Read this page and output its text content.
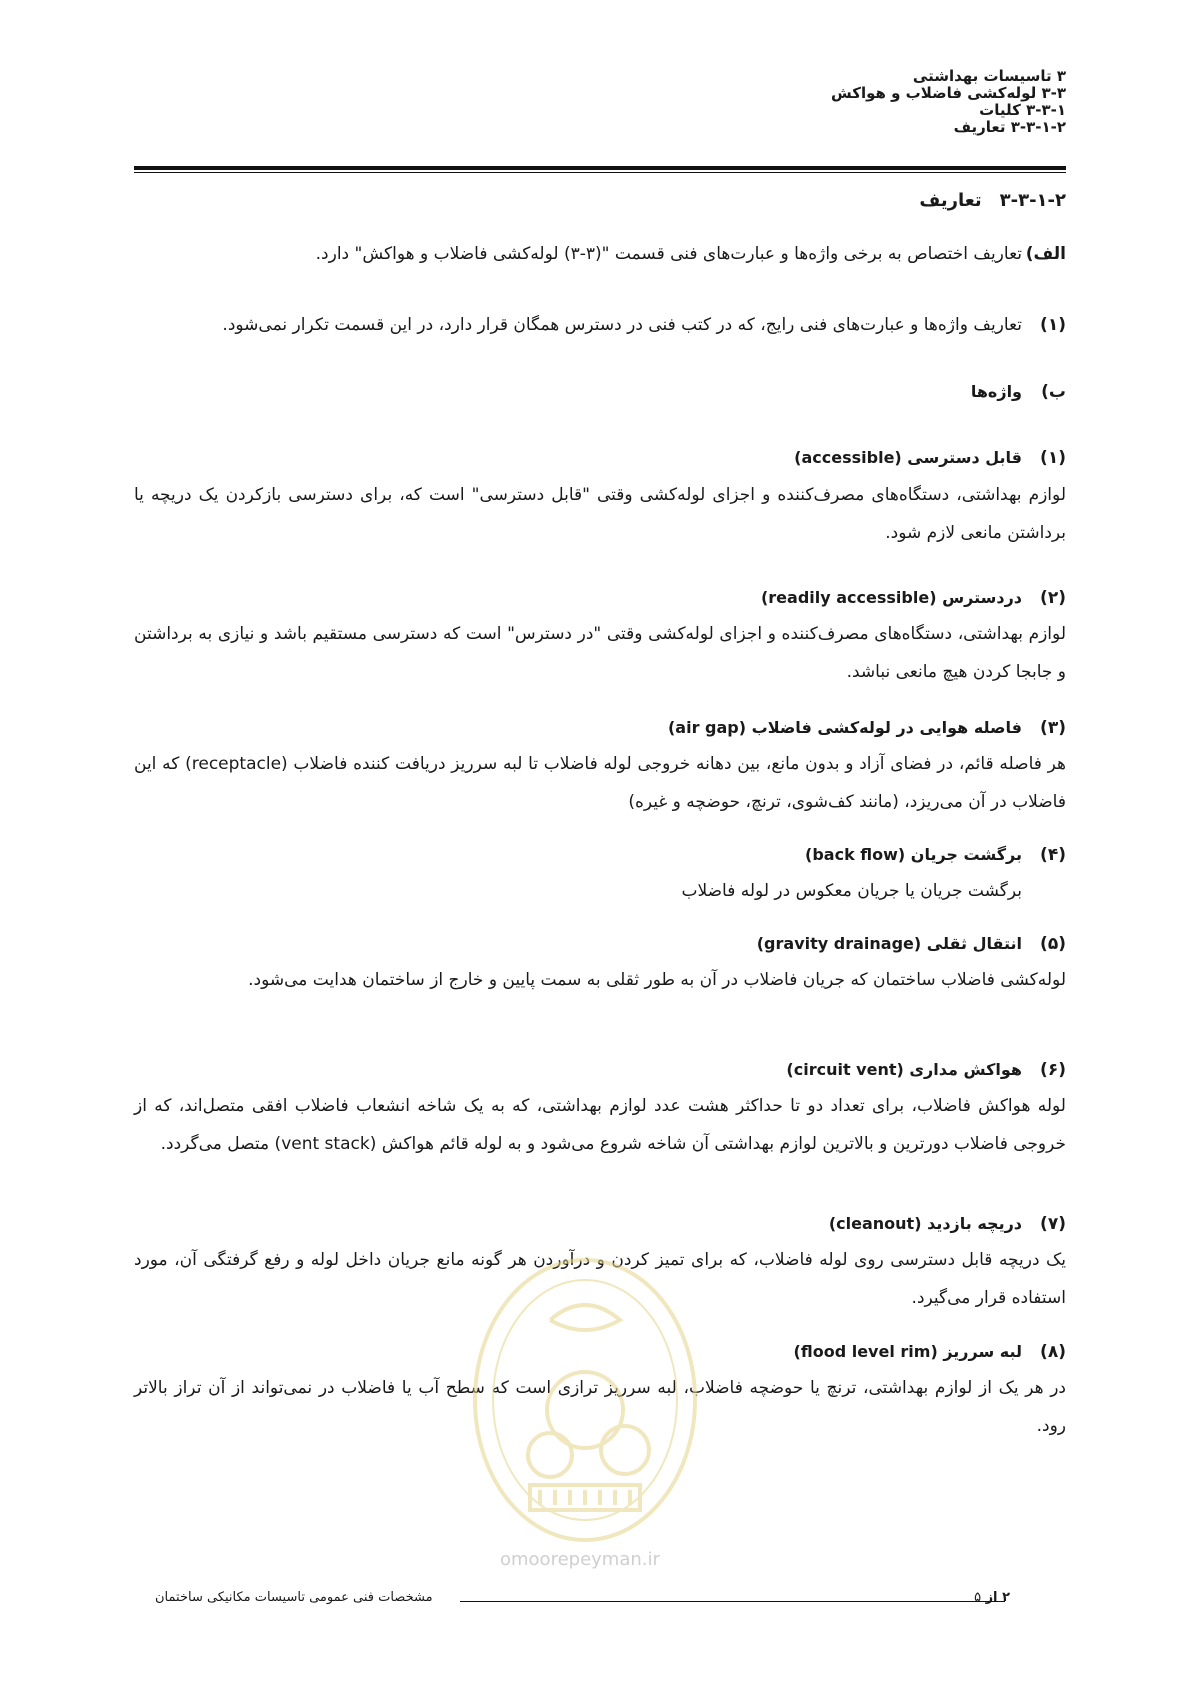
۳ تاسیسات بهداشتی
۳-۳ لوله‌کشی فاضلاب و هواکش
۳-۳-۱ کلیات
۳-۳-۱-۲ تعاریف
۳-۳-۱-۲تعاریف
الف)
تعاریف اختصاص به برخی واژه‌ها و عبارت‌های فنی قسمت "(۳-۳) لوله‌کشی فاضلاب و هواکش" دارد.
(۱)
تعاریف واژه‌ها و عبارت‌های فنی رایج، که در کتب فنی در دسترس همگان قرار دارد، در این قسمت تکرار نمی‌شود.
ب)
واژه‌ها
(۱)
قابل دسترسی (accessible)
لوازم بهداشتی، دستگاه‌های مصرف‌کننده و اجزای لوله‌کشی وقتی "قابل دسترسی" است که، برای دسترسی بازکردن یک دریچه یا برداشتن مانعی لازم شود.
(۲)
دردسترس (readily accessible)
لوازم بهداشتی، دستگاه‌های مصرف‌کننده و اجزای لوله‌کشی وقتی "در دسترس" است که دسترسی مستقیم باشد و نیازی به برداشتن و جابجا کردن هیچ مانعی نباشد.
(۳)
فاصله هوایی در لوله‌کشی فاضلاب (air gap)
هر فاصله قائم، در فضای آزاد و بدون مانع، بین دهانه خروجی لوله فاضلاب تا لبه سرریز دریافت کننده فاضلاب (receptacle) که این فاضلاب در آن می‌ریزد، (مانند کف‌شوی، ترنچ، حوضچه و غیره)
(۴)
برگشت جریان (back flow)
برگشت جریان یا جریان معکوس در لوله فاضلاب
(۵)
انتقال ثقلی (gravity drainage)
لوله‌کشی فاضلاب ساختمان که جریان فاضلاب در آن به طور ثقلی به سمت پایین و خارج از ساختمان هدایت می‌شود.
(۶)
هواکش مداری (circuit vent)
لوله هواکش فاضلاب، برای تعداد دو تا حداکثر هشت عدد لوازم بهداشتی، که به یک شاخه انشعاب فاضلاب افقی متصل‌اند، که از خروجی فاضلاب دورترین و بالاترین لوازم بهداشتی آن شاخه شروع می‌شود و به لوله قائم هواکش (vent stack) متصل می‌گردد.
(۷)
دریچه بازدید (cleanout)
یک دریچه قابل دسترسی روی لوله فاضلاب، که برای تمیز کردن و درآوردن هر گونه مانع جریان داخل لوله و رفع گرفتگی آن، مورد استفاده قرار می‌گیرد.
(۸)
لبه سرریز (flood level rim)
در هر یک از لوازم بهداشتی، ترنچ یا حوضچه فاضلاب، لبه سرریز ترازی است که سطح آب یا فاضلاب در نمی‌تواند از آن تراز بالاتر رود.
omoorepeyman.ir
مشخصات فنی عمومی تاسیسات مکانیکی ساختمان	۲ از ۵
